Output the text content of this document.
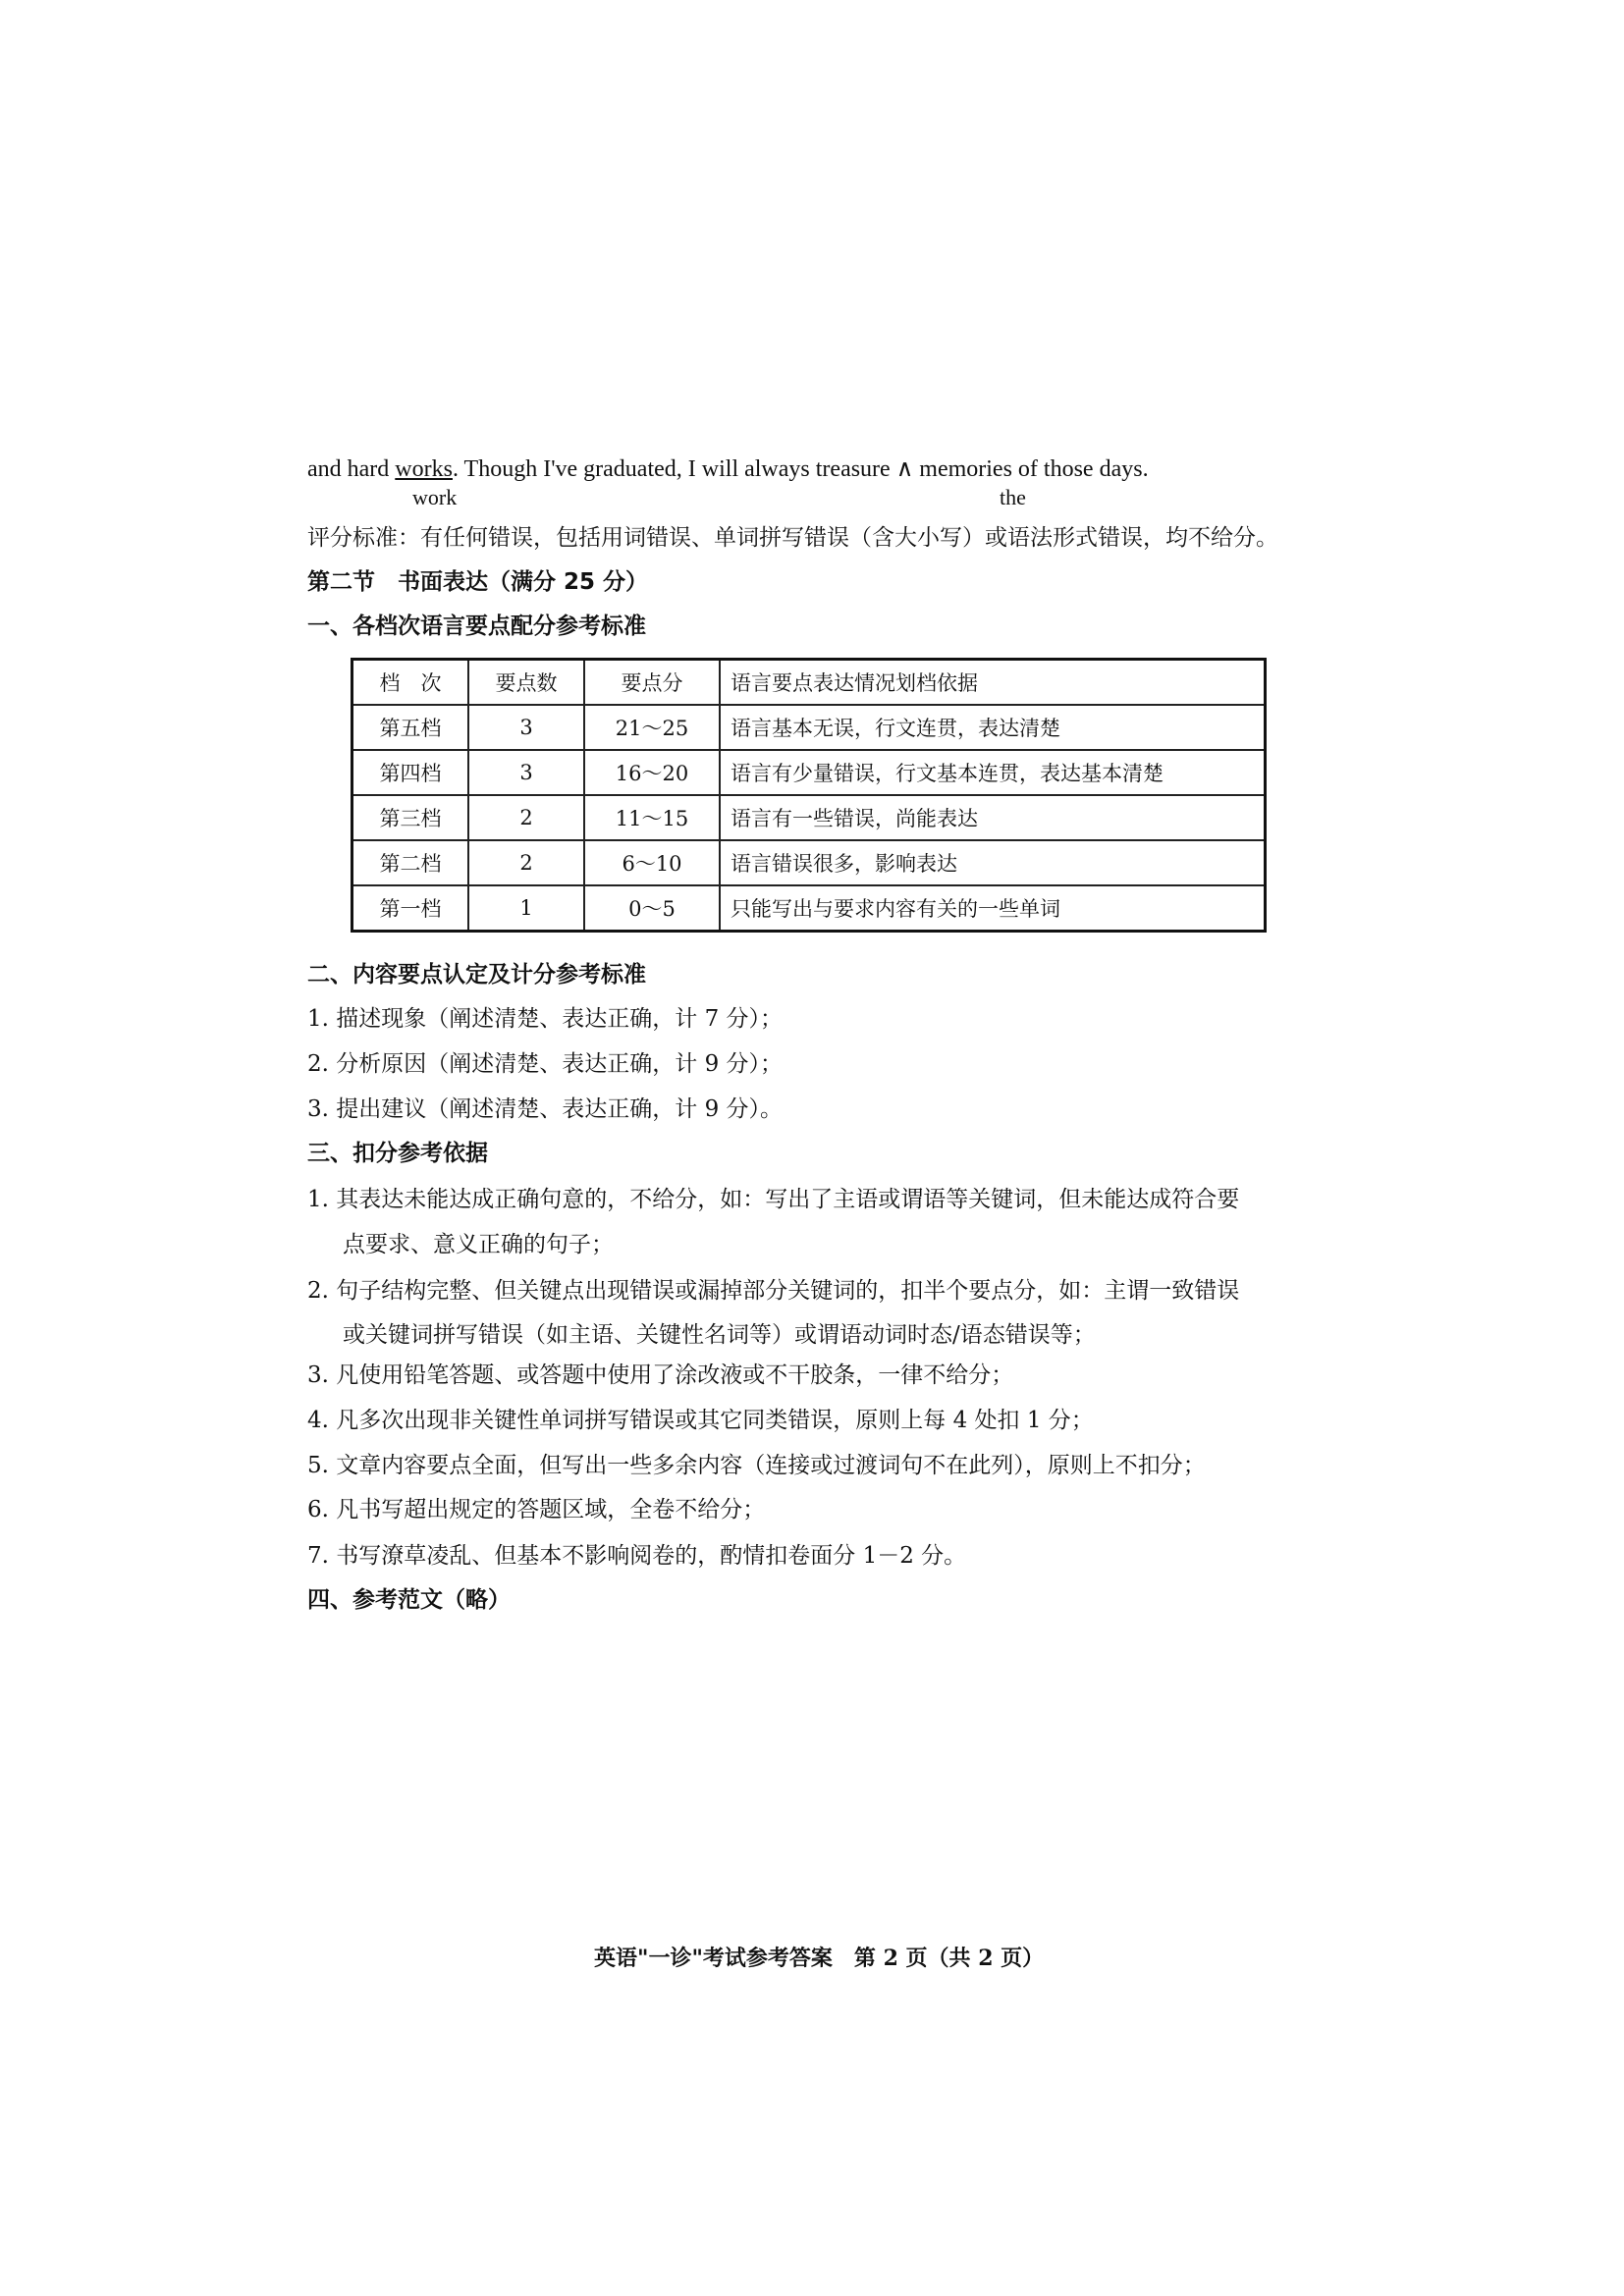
and hard works. Though I've graduated, I will always treasure ∧ memories of those days.
work	the
评分标准：有任何错误，包括用词错误、单词拼写错误（含大小写）或语法形式错误，均不给分。
第二节　书面表达（满分 25 分）
一、各档次语言要点配分参考标准
档　次	要点数	要点分	语言要点表达情况划档依据
第五档	3	21～25	语言基本无误，行文连贯，表达清楚
第四档	3	16～20	语言有少量错误，行文基本连贯，表达基本清楚
第三档	2	11～15	语言有一些错误，尚能表达
第二档	2	6～10	语言错误很多，影响表达
第一档	1	0～5	只能写出与要求内容有关的一些单词
二、内容要点认定及计分参考标准
1. 描述现象（阐述清楚、表达正确，计 7 分）；
2. 分析原因（阐述清楚、表达正确，计 9 分）；
3. 提出建议（阐述清楚、表达正确，计 9 分）。
三、扣分参考依据
1. 其表达未能达成正确句意的，不给分，如：写出了主语或谓语等关键词，但未能达成符合要
点要求、意义正确的句子；
2. 句子结构完整、但关键点出现错误或漏掉部分关键词的，扣半个要点分，如：主谓一致错误
或关键词拼写错误（如主语、关键性名词等）或谓语动词时态/语态错误等；
3. 凡使用铅笔答题、或答题中使用了涂改液或不干胶条，一律不给分；
4. 凡多次出现非关键性单词拼写错误或其它同类错误，原则上每 4 处扣 1 分；
5. 文章内容要点全面，但写出一些多余内容（连接或过渡词句不在此列），原则上不扣分；
6. 凡书写超出规定的答题区域，全卷不给分；
7. 书写潦草凌乱、但基本不影响阅卷的，酌情扣卷面分 1－2 分。
四、参考范文（略）
英语"一诊"考试参考答案　第 2 页（共 2 页）
